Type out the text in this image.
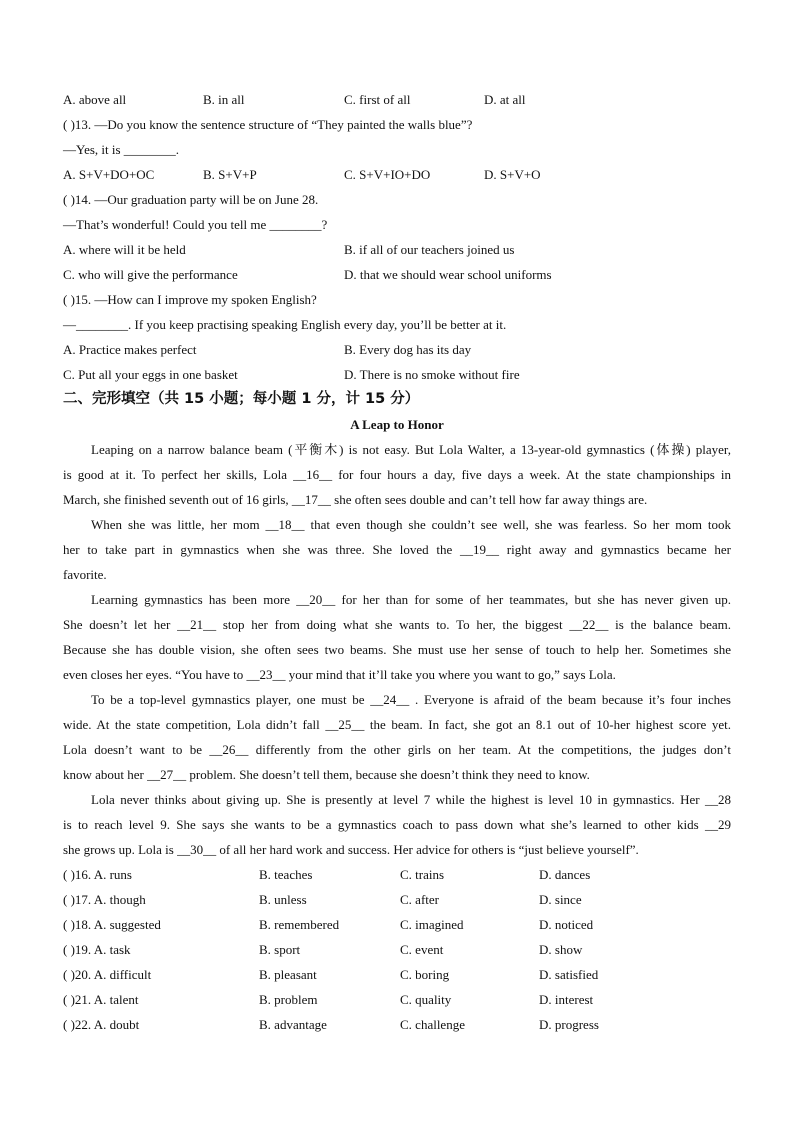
A. above all	B. in all	C. first of all	D. at all
( )13. —Do you know the sentence structure of “They painted the walls blue”?
—Yes, it is ________.
A. S+V+DO+OC	B. S+V+P	C. S+V+IO+DO	D. S+V+O
( )14. —Our graduation party will be on June 28.
—That’s wonderful! Could you tell me ________?
A. where will it be held	B. if all of our teachers joined us
C. who will give the performance	D. that we should wear school uniforms
( )15. —How can I improve my spoken English?
—________. If you keep practising speaking English every day, you’ll be better at it.
A. Practice makes perfect	B. Every dog has its day
C. Put all your eggs in one basket	D. There is no smoke without fire
二、完形填空（共 15 小题；每小题 1 分，计 15 分）
A Leap to Honor
Leaping on a narrow balance beam (平衡木) is not easy. But Lola Walter, a 13-year-old gymnastics (体操) player,
is good at it. To perfect her skills, Lola __16__ for four hours a day, five days a week. At the state championships in
March, she finished seventh out of 16 girls, __17__ she often sees double and can’t tell how far away things are.
When she was little, her mom __18__ that even though she couldn’t see well, she was fearless. So her mom took
her to take part in gymnastics when she was three. She loved the __19__ right away and gymnastics became her
favorite.
Learning gymnastics has been more __20__ for her than for some of her teammates, but she has never given up.
She doesn’t let her __21__ stop her from doing what she wants to. To her, the biggest __22__ is the balance beam.
Because she has double vision, she often sees two beams. She must use her sense of touch to help her. Sometimes she
even closes her eyes. “You have to __23__ your mind that it’ll take you where you want to go,” says Lola.
To be a top-level gymnastics player, one must be __24__ . Everyone is afraid of the beam because it’s four inches
wide. At the state competition, Lola didn’t fall __25__ the beam. In fact, she got an 8.1 out of 10-her highest score yet.
Lola doesn’t want to be __26__ differently from the other girls on her team. At the competitions, the judges don’t
know about her __27__ problem. She doesn’t tell them, because she doesn’t think they need to know.
Lola never thinks about giving up. She is presently at level 7 while the highest is level 10 in gymnastics. Her __28
is to reach level 9. She says she wants to be a gymnastics coach to pass down what she’s learned to other kids __29
she grows up. Lola is __30__ of all her hard work and success. Her advice for others is “just believe yourself”.
( )16. A. runs	B. teaches	C. trains	D. dances
( )17. A. though	B. unless	C. after	D. since
( )18. A. suggested	B. remembered	C. imagined	D. noticed
( )19. A. task	B. sport	C. event	D. show
( )20. A. difficult	B. pleasant	C. boring	D. satisfied
( )21. A. talent	B. problem	C. quality	D. interest
( )22. A. doubt	B. advantage	C. challenge	D. progress
